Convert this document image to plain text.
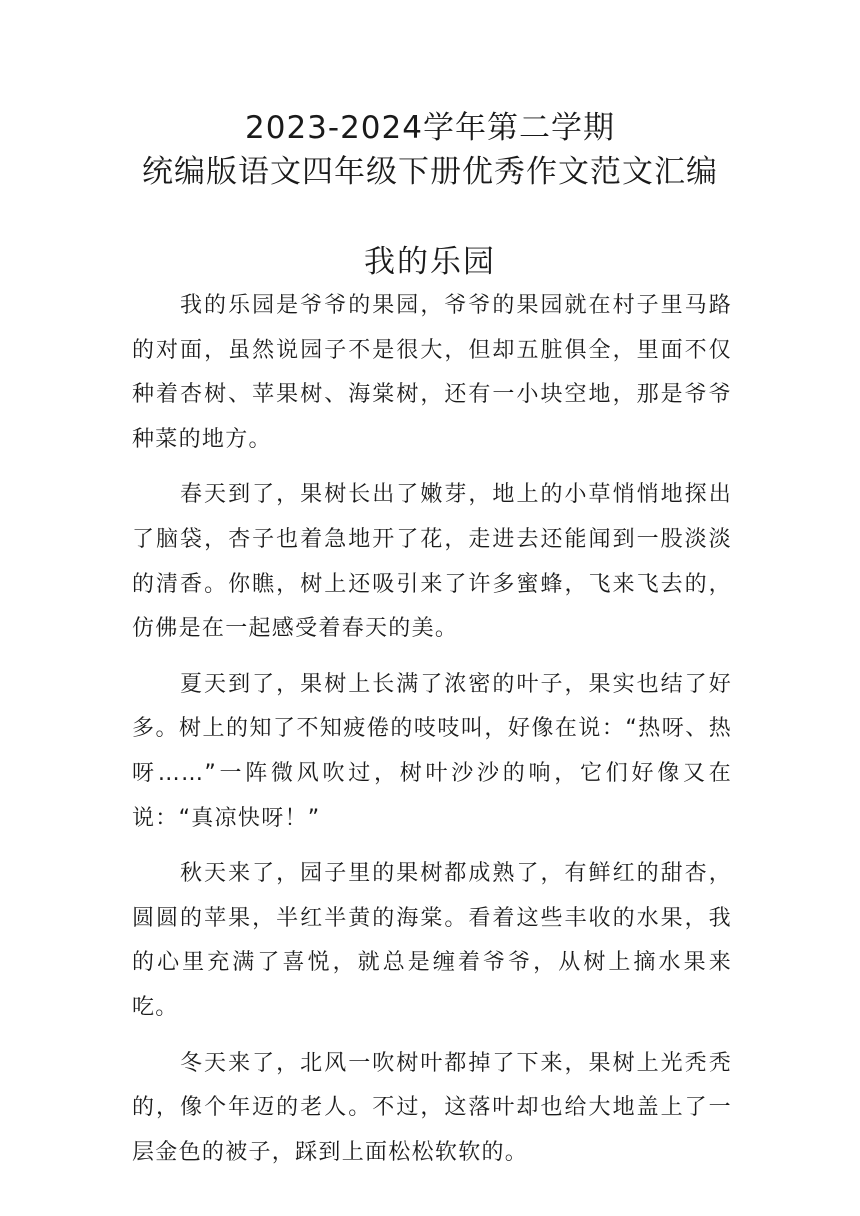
2023-2024学年第二学期
统编版语文四年级下册优秀作文范文汇编
我的乐园

我的乐园是爷爷的果园，爷爷的果园就在村子里马路的对面，虽然说园子不是很大，但却五脏俱全，里面不仅种着杏树、苹果树、海棠树，还有一小块空地，那是爷爷种菜的地方。

春天到了，果树长出了嫩芽，地上的小草悄悄地探出了脑袋，杏子也着急地开了花，走进去还能闻到一股淡淡的清香。你瞧，树上还吸引来了许多蜜蜂，飞来飞去的，仿佛是在一起感受着春天的美。

夏天到了，果树上长满了浓密的叶子，果实也结了好多。树上的知了不知疲倦的吱吱叫，好像在说：“热呀、热呀……”一阵微风吹过，树叶沙沙的响，它们好像又在说：“真凉快呀！”

秋天来了，园子里的果树都成熟了，有鲜红的甜杏，圆圆的苹果，半红半黄的海棠。看着这些丰收的水果，我的心里充满了喜悦，就总是缠着爷爷，从树上摘水果来吃。

冬天来了，北风一吹树叶都掉了下来，果树上光秃秃的，像个年迈的老人。不过，这落叶却也给大地盖上了一层金色的被子，踩到上面松松软软的。
